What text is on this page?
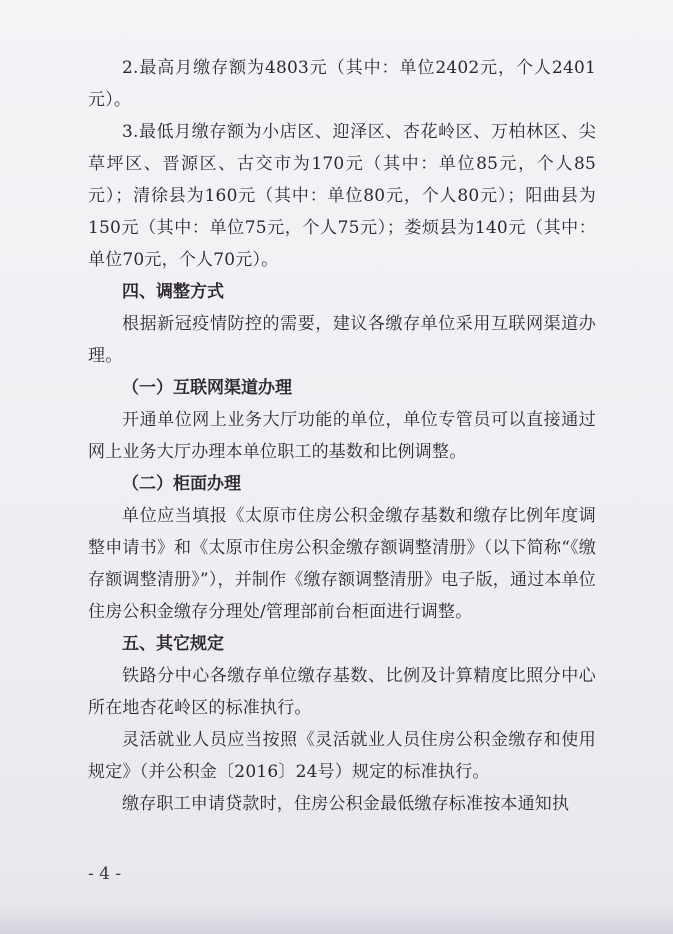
2.最高月缴存额为4803元（其中：单位2402元，个人2401元）。

3.最低月缴存额为小店区、迎泽区、杏花岭区、万柏林区、尖草坪区、晋源区、古交市为170元（其中：单位85元，个人85元）；清徐县为160元（其中：单位80元，个人80元）；阳曲县为150元（其中：单位75元，个人75元）；娄烦县为140元（其中：单位70元，个人70元）。

四、调整方式

根据新冠疫情防控的需要，建议各缴存单位采用互联网渠道办理。

（一）互联网渠道办理

开通单位网上业务大厅功能的单位，单位专管员可以直接通过网上业务大厅办理本单位职工的基数和比例调整。

（二）柜面办理

单位应当填报《太原市住房公积金缴存基数和缴存比例年度调整申请书》和《太原市住房公积金缴存额调整清册》（以下简称“《缴存额调整清册》”），并制作《缴存额调整清册》电子版，通过本单位住房公积金缴存分理处/管理部前台柜面进行调整。

五、其它规定

铁路分中心各缴存单位缴存基数、比例及计算精度比照分中心所在地杏花岭区的标准执行。

灵活就业人员应当按照《灵活就业人员住房公积金缴存和使用规定》（并公积金〔2016〕24号）规定的标准执行。

缴存职工申请贷款时，住房公积金最低缴存标准按本通知执

- 4 -
